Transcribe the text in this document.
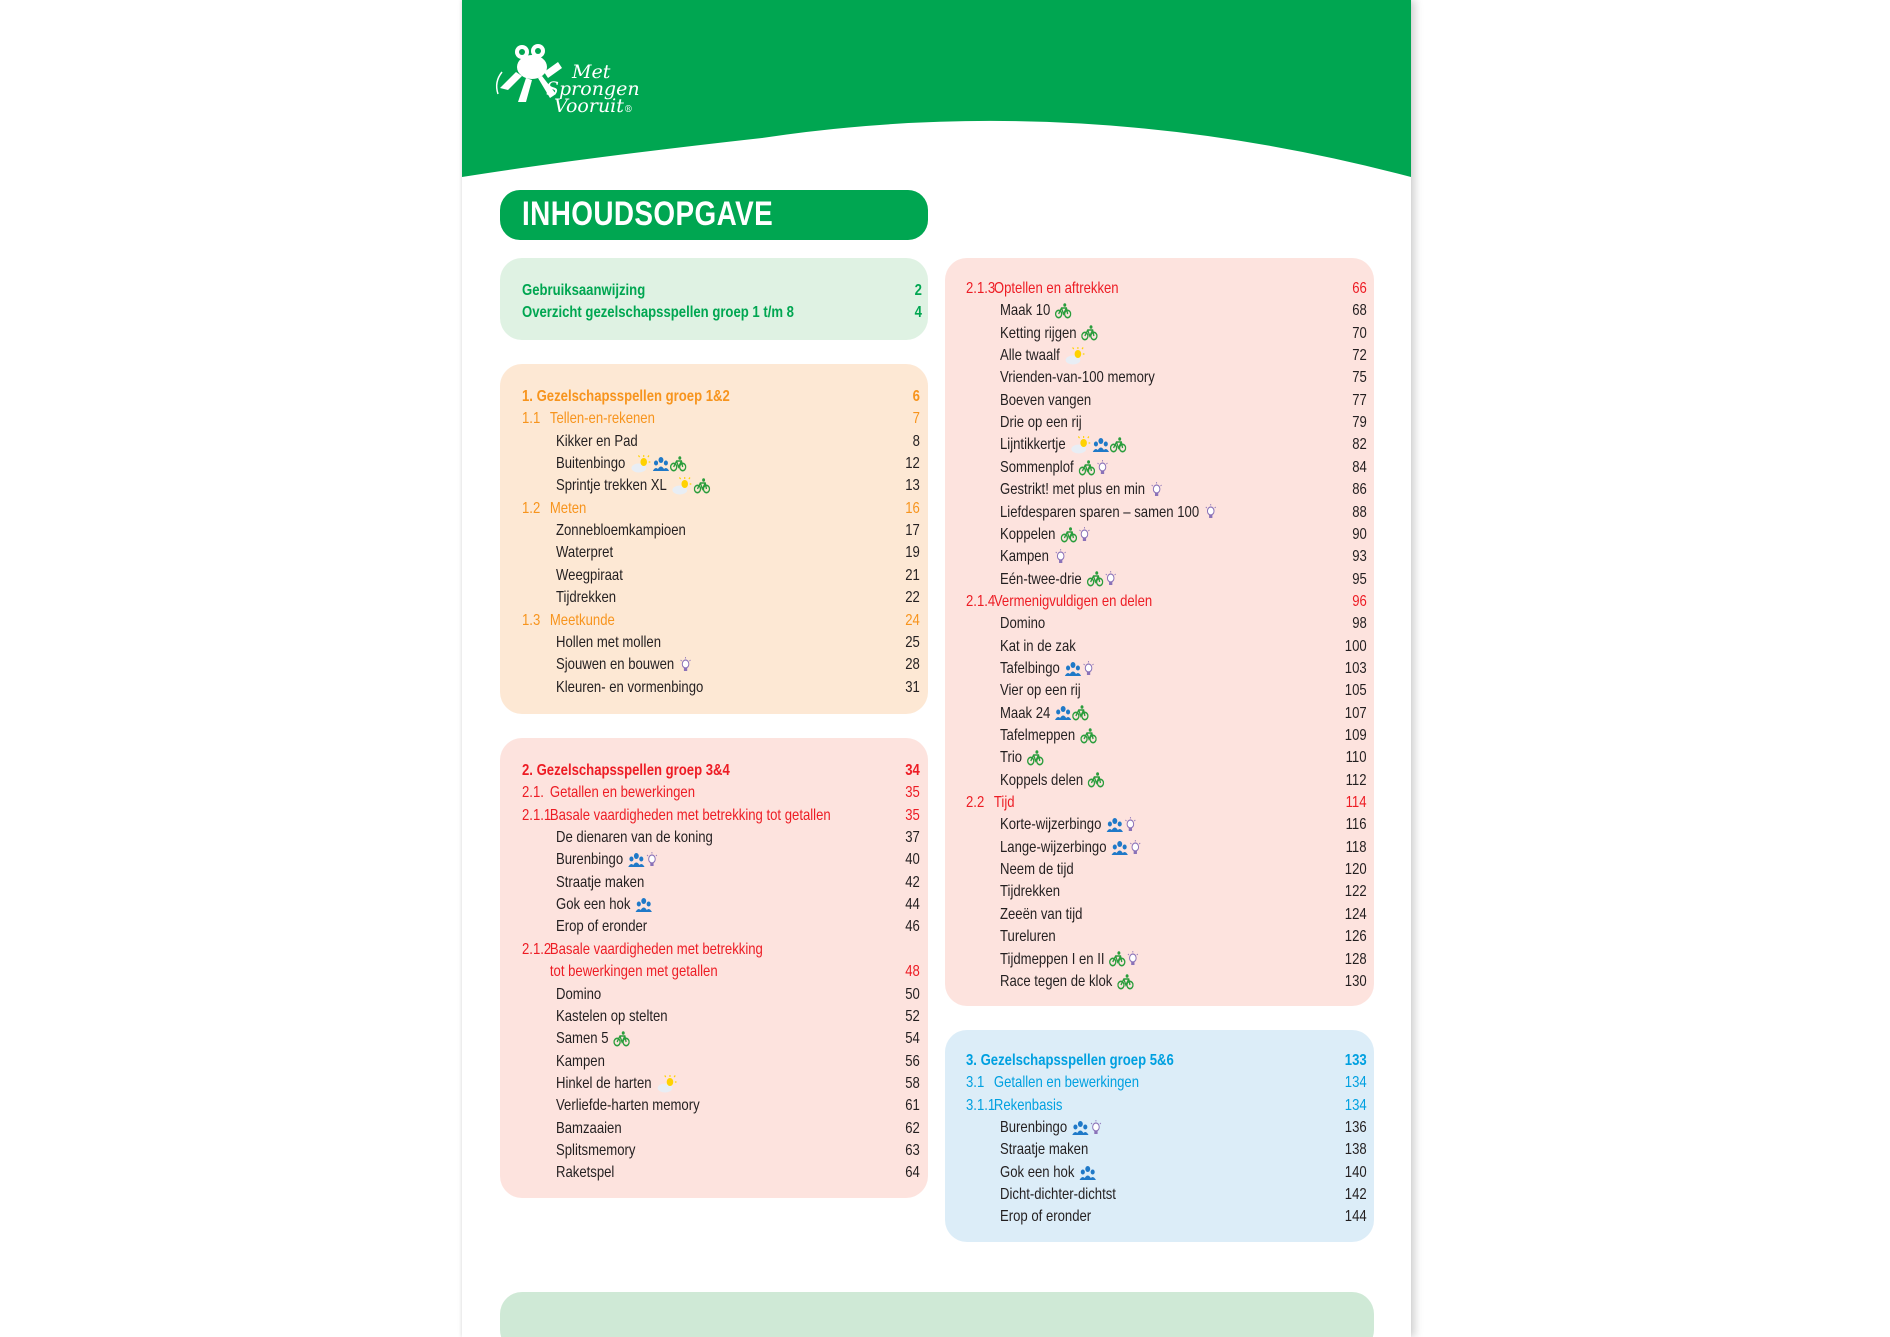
Met
Sprongen
Vooruit®
INHOUDSOPGAVE
Gebruiksaanwijzing	2
Overzicht gezelschapsspellen groep 1 t/m 8	4
1. Gezelschapsspellen groep 1&2	6
1.1 Tellen-en-rekenen	7
Kikker en Pad	8
Buitenbingo	12
Sprintje trekken XL	13
1.2 Meten	16
Zonnebloemkampioen	17
Waterpret	19
Weegpiraat	21
Tijdrekken	22
1.3 Meetkunde	24
Hollen met mollen	25
Sjouwen en bouwen	28
Kleuren- en vormenbingo	31
2. Gezelschapsspellen groep 3&4	34
2.1. Getallen en bewerkingen	35
2.1.1Basale vaardigheden met betrekking tot getallen	35
De dienaren van de koning	37
Burenbingo	40
Straatje maken	42
Gok een hok	44
Erop of eronder	46
2.1.2Basale vaardigheden met betrekking
tot bewerkingen met getallen	48
Domino	50
Kastelen op stelten	52
Samen 5	54
Kampen	56
Hinkel de harten	58
Verliefde-harten memory	61
Bamzaaien	62
Splitsmemory	63
Raketspel	64
2.1.3Optellen en aftrekken	66
Maak 10	68
Ketting rijgen	70
Alle twaalf	72
Vrienden-van-100 memory	75
Boeven vangen	77
Drie op een rij	79
Lijntikkertje	82
Sommenplof	84
Gestrikt! met plus en min	86
Liefdesparen sparen – samen 100	88
Koppelen	90
Kampen	93
Eén-twee-drie	95
2.1.4Vermenigvuldigen en delen	96
Domino	98
Kat in de zak	100
Tafelbingo	103
Vier op een rij	105
Maak 24	107
Tafelmeppen	109
Trio	110
Koppels delen	112
2.2 Tijd	114
Korte-wijzerbingo	116
Lange-wijzerbingo	118
Neem de tijd	120
Tijdrekken	122
Zeeën van tijd	124
Tureluren	126
Tijdmeppen I en II	128
Race tegen de klok	130
3. Gezelschapsspellen groep 5&6	133
3.1 Getallen en bewerkingen	134
3.1.1Rekenbasis	134
Burenbingo	136
Straatje maken	138
Gok een hok	140
Dicht-dichter-dichtst	142
Erop of eronder	144
